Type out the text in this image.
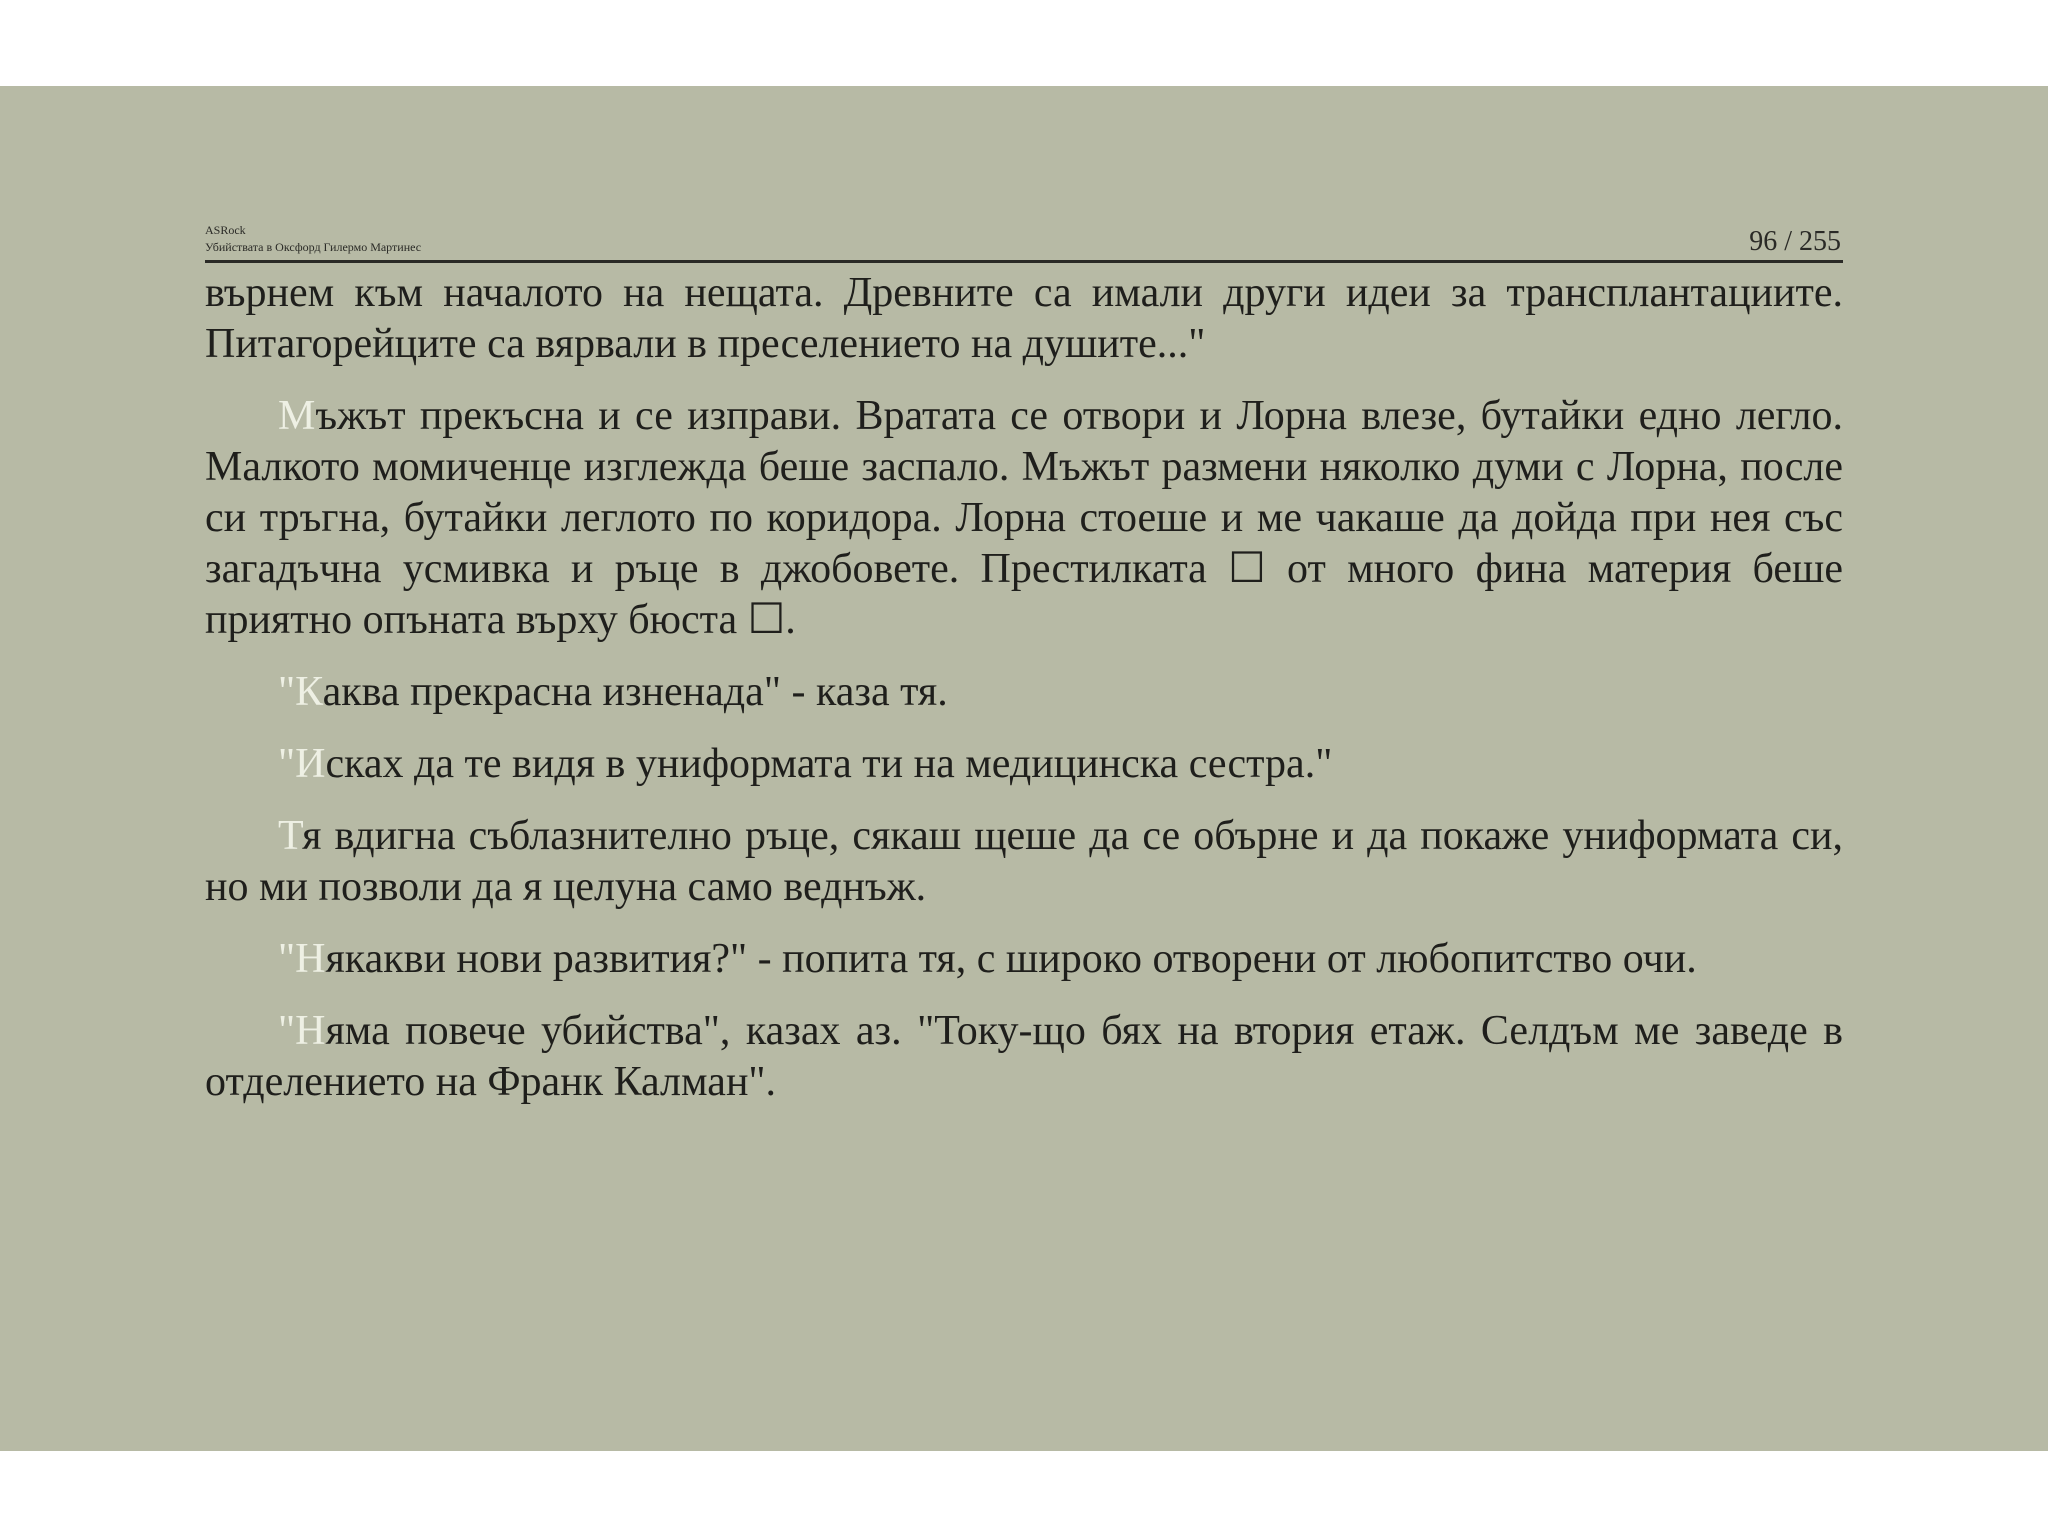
ASRock
Убийствата в Оксфорд Гилермо Мартинес	96 / 255

върнем към началото на нещата. Древните са имали други идеи за трансплантациите. Питагорейците са вярвали в преселението на душите..."

Мъжът прекъсна и се изправи. Вратата се отвори и Лорна влезе, бутайки едно легло. Малкото момиченце изглежда беше заспало. Мъжът размени няколко думи с Лорна, после си тръгна, бутайки леглото по коридора. Лорна стоеше и ме чакаше да дойда при нея със загадъчна усмивка и ръце в джобовете. Престилката ☐ от много фина материя беше приятно опъната върху бюста ☐.

"Каква прекрасна изненада" - каза тя.

"Исках да те видя в униформата ти на медицинска сестра."

Тя вдигна съблазнително ръце, сякаш щеше да се обърне и да покаже униформата си, но ми позволи да я целуна само веднъж.

"Някакви нови развития?" - попита тя, с широко отворени от любопитство очи.

"Няма повече убийства", казах аз. "Току-що бях на втория етаж. Селдъм ме заведе в отделението на Франк Калман".
